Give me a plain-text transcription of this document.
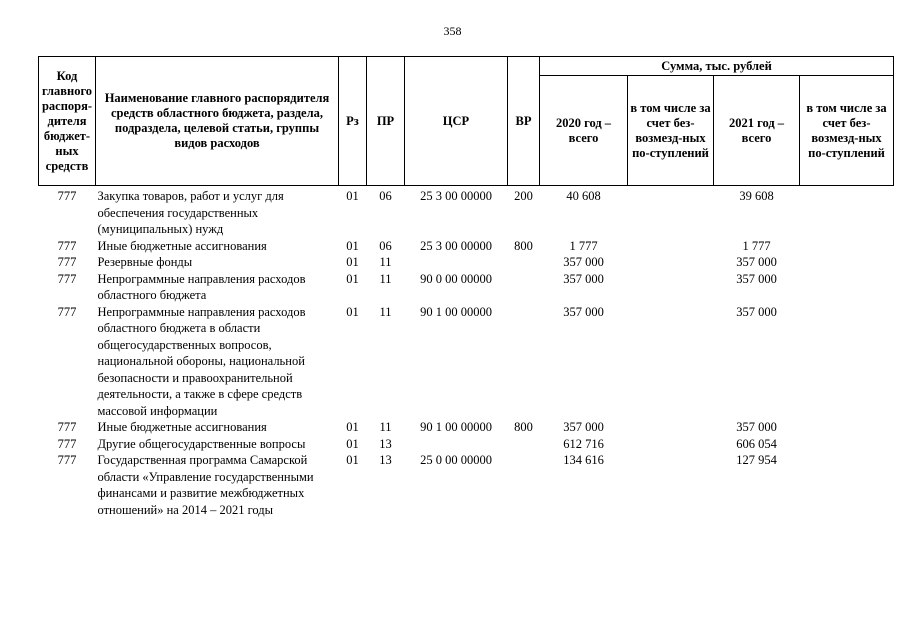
358
Код главного распоря-дителя бюджет-ных средств	Наименование главного распорядителя средств областного бюджета, раздела, подраздела, целевой статьи, группы видов расходов	Рз	ПР	ЦСР	ВР	Сумма, тыс. рублей			
						2020 год – всего	в том числе за счет без-возмезд-ных по-ступлений	2021 год – всего	в том числе за счет без-возмезд-ных по-ступлений
777	Закупка товаров, работ и услуг для обеспечения государственных (муниципальных) нужд	01	06	25 3 00 00000	200	40 608		39 608	
777	Иные бюджетные ассигнования	01	06	25 3 00 00000	800	1 777		1 777	
777	Резервные фонды	01	11			357 000		357 000	
777	Непрограммные направления расходов областного бюджета	01	11	90 0 00 00000		357 000		357 000	
777	Непрограммные направления расходов областного бюджета в области общегосударственных вопросов, национальной обороны, национальной безопасности и правоохранительной деятельности, а также в сфере средств массовой информации	01	11	90 1 00 00000		357 000		357 000	
777	Иные бюджетные ассигнования	01	11	90 1 00 00000	800	357 000		357 000	
777	Другие общегосударственные вопросы	01	13			612 716		606 054	
777	Государственная программа Самарской области «Управление государственными финансами и развитие межбюджетных отношений» на 2014 – 2021 годы	01	13	25 0 00 00000		134 616		127 954	
